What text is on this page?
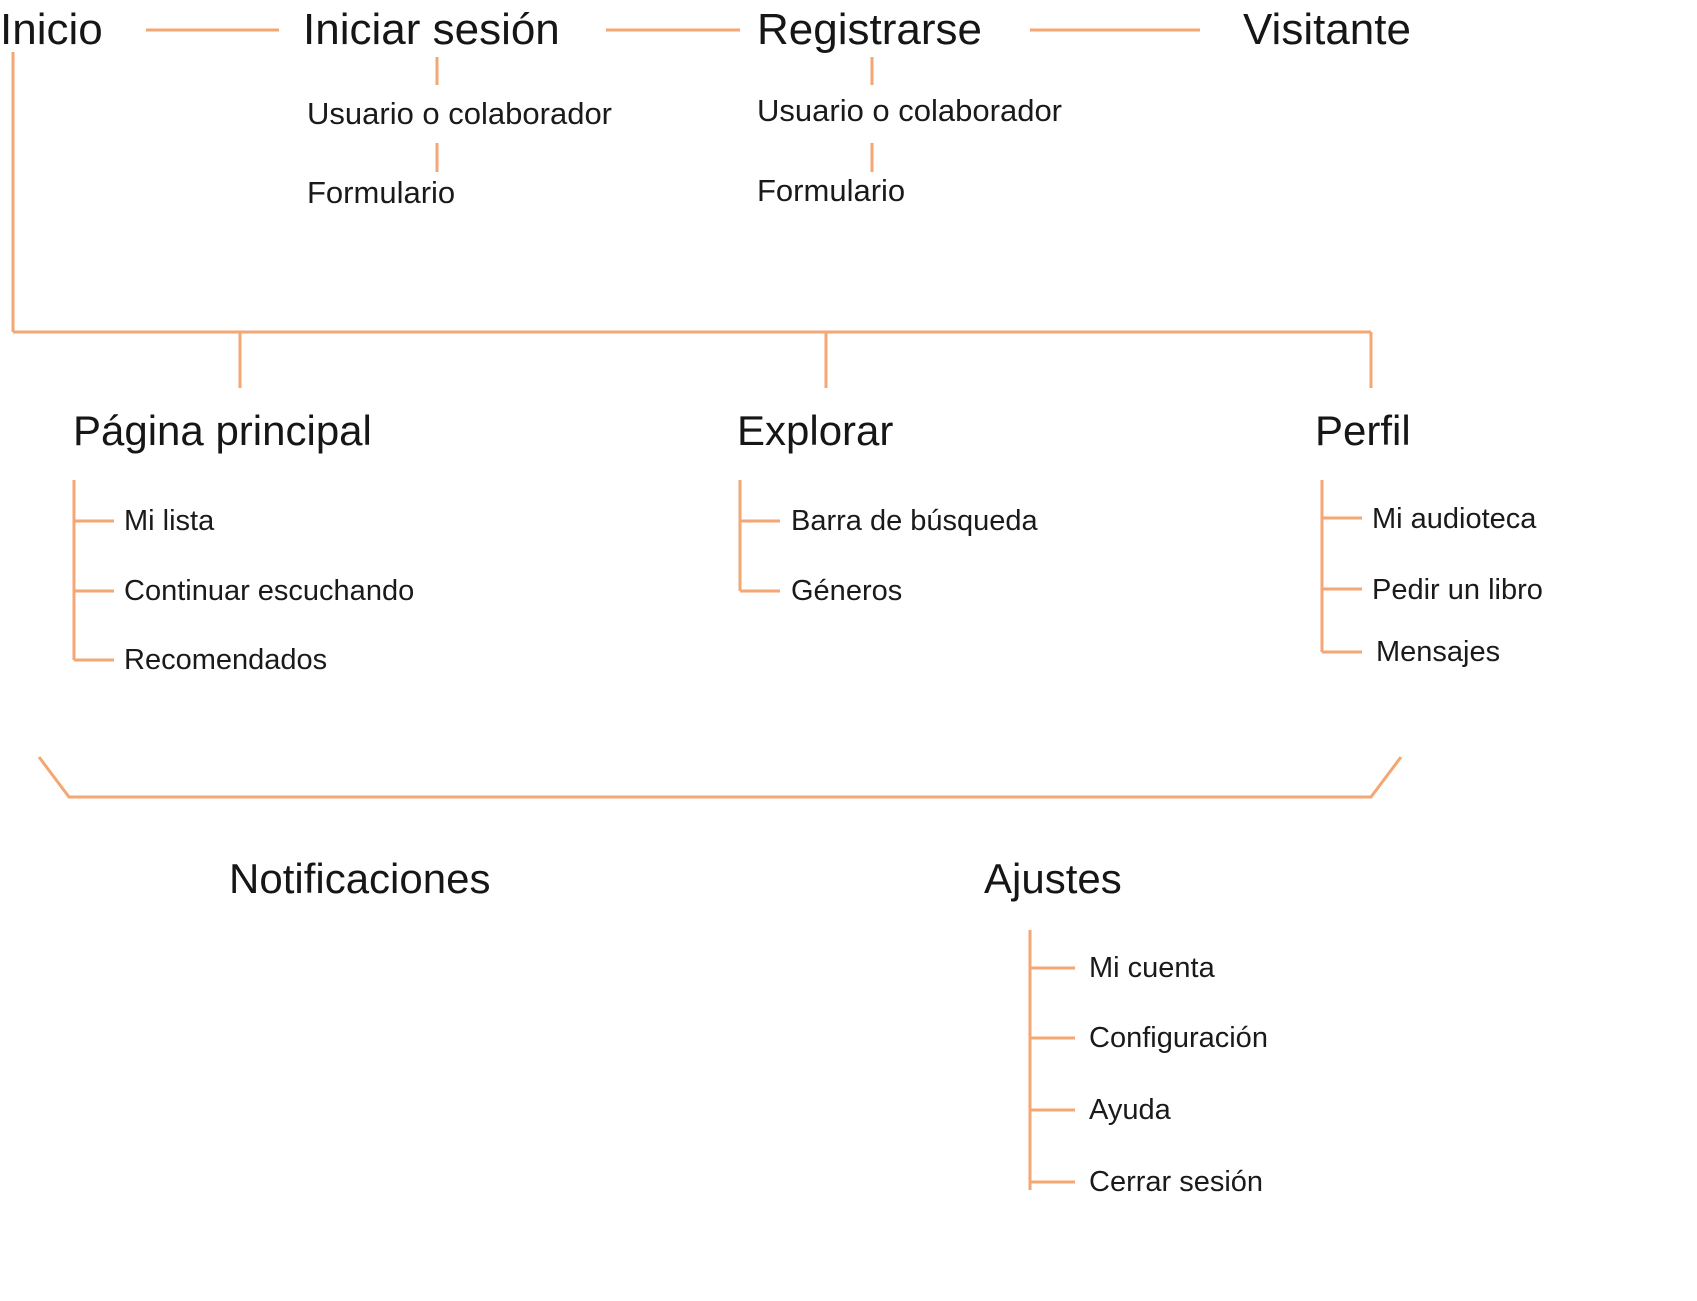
Inicio	Iniciar sesión	Registrarse	Visitante
Usuario o colaborador
Formulario
Usuario o colaborador
Formulario
Página principal	Explorar	Perfil
Mi lista
Continuar escuchando
Recomendados
Barra de búsqueda
Géneros
Mi audioteca
Pedir un libro
Mensajes
Notificaciones	Ajustes
Mi cuenta
Configuración
Ayuda
Cerrar sesión
